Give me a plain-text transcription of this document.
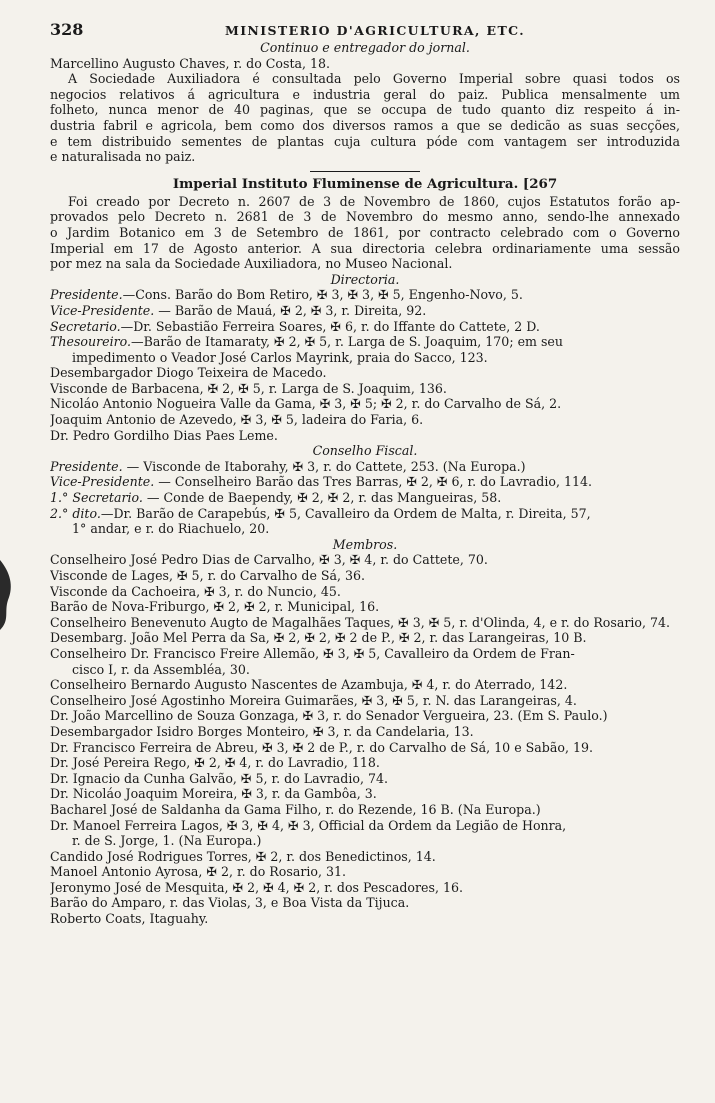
328	MINISTERIO D'AGRICULTURA, ETC.
Continuo e entregador do jornal.
Marcellino Augusto Chaves, r. do Costa, 18.
A Sociedade Auxiliadora é consultada pelo Governo Imperial sobre quasi todos os
negocios relativos á agricultura e industria geral do paiz. Publica mensalmente um
folheto, nunca menor de 40 paginas, que se occupa de tudo quanto diz respeito á in-
dustria fabril e agricola, bem como dos diversos ramos a que se dedicão as suas secções,
e tem distribuido sementes de plantas cuja cultura póde com vantagem ser introduzida
e naturalisada no paiz.
Imperial Instituto Fluminense de Agricultura. [267
Foi creado por Decreto n. 2607 de 3 de Novembro de 1860, cujos Estatutos forão ap-
provados pelo Decreto n. 2681 de 3 de Novembro do mesmo anno, sendo-lhe annexado
o Jardim Botanico em 3 de Setembro de 1861, por contracto celebrado com o Governo
Imperial em 17 de Agosto anterior. A sua directoria celebra ordinariamente uma sessão
por mez na sala da Sociedade Auxiliadora, no Museo Nacional.
Directoria.
Presidente.—Cons. Barão do Bom Retiro, ✠ 3, ✠ 3, ✠ 5, Engenho-Novo, 5.
Vice-Presidente. — Barão de Mauá, ✠ 2, ✠ 3, r. Direita, 92.
Secretario.—Dr. Sebastião Ferreira Soares, ✠ 6, r. do Iffante do Cattete, 2 D.
Thesoureiro.—Barão de Itamaraty, ✠ 2, ✠ 5, r. Larga de S. Joaquim, 170; em seu
impedimento o Veador José Carlos Mayrink, praia do Sacco, 123.
Desembargador Diogo Teixeira de Macedo.
Visconde de Barbacena, ✠ 2, ✠ 5, r. Larga de S. Joaquim, 136.
Nicoláo Antonio Nogueira Valle da Gama, ✠ 3, ✠ 5; ✠ 2, r. do Carvalho de Sá, 2.
Joaquim Antonio de Azevedo, ✠ 3, ✠ 5, ladeira do Faria, 6.
Dr. Pedro Gordilho Dias Paes Leme.
Conselho Fiscal.
Presidente. — Visconde de Itaborahy, ✠ 3, r. do Cattete, 253. (Na Europa.)
Vice-Presidente. — Conselheiro Barão das Tres Barras, ✠ 2, ✠ 6, r. do Lavradio, 114.
1.° Secretario. — Conde de Baependy, ✠ 2, ✠ 2, r. das Mangueiras, 58.
2.° dito.—Dr. Barão de Carapebús, ✠ 5, Cavalleiro da Ordem de Malta, r. Direita, 57,
1° andar, e r. do Riachuelo, 20.
Membros.
Conselheiro José Pedro Dias de Carvalho, ✠ 3, ✠ 4, r. do Cattete, 70.
Visconde de Lages, ✠ 5, r. do Carvalho de Sá, 36.
Visconde da Cachoeira, ✠ 3, r. do Nuncio, 45.
Barão de Nova-Friburgo, ✠ 2, ✠ 2, r. Municipal, 16.
Conselheiro Benevenuto Augto de Magalhães Taques, ✠ 3, ✠ 5, r. d'Olinda, 4, e r. do Rosario, 74.
Desembarg. João Mel Perra da Sa, ✠ 2, ✠ 2, ✠ 2 de P., ✠ 2, r. das Larangeiras, 10 B.
Conselheiro Dr. Francisco Freire Allemão, ✠ 3, ✠ 5, Cavalleiro da Ordem de Fran-
cisco I, r. da Assembléa, 30.
Conselheiro Bernardo Augusto Nascentes de Azambuja, ✠ 4, r. do Aterrado, 142.
Conselheiro José Agostinho Moreira Guimarães, ✠ 3, ✠ 5, r. N. das Larangeiras, 4.
Dr. João Marcellino de Souza Gonzaga, ✠ 3, r. do Senador Vergueira, 23. (Em S. Paulo.)
Desembargador Isidro Borges Monteiro, ✠ 3, r. da Candelaria, 13.
Dr. Francisco Ferreira de Abreu, ✠ 3, ✠ 2 de P., r. do Carvalho de Sá, 10 e Sabão, 19.
Dr. José Pereira Rego, ✠ 2, ✠ 4, r. do Lavradio, 118.
Dr. Ignacio da Cunha Galvão, ✠ 5, r. do Lavradio, 74.
Dr. Nicoláo Joaquim Moreira, ✠ 3, r. da Gambôa, 3.
Bacharel José de Saldanha da Gama Filho, r. do Rezende, 16 B. (Na Europa.)
Dr. Manoel Ferreira Lagos, ✠ 3, ✠ 4, ✠ 3, Official da Ordem da Legião de Honra,
r. de S. Jorge, 1. (Na Europa.)
Candido José Rodrigues Torres, ✠ 2, r. dos Benedictinos, 14.
Manoel Antonio Ayrosa, ✠ 2, r. do Rosario, 31.
Jeronymo José de Mesquita, ✠ 2, ✠ 4, ✠ 2, r. dos Pescadores, 16.
Barão do Amparo, r. das Violas, 3, e Boa Vista da Tijuca.
Roberto Coats, Itaguahy.
